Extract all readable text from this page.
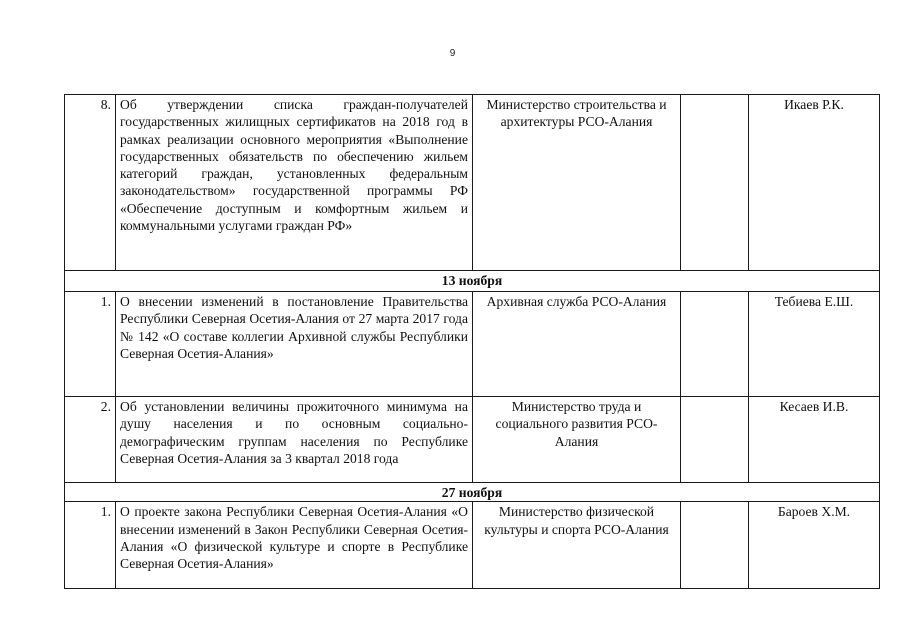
9
8.	Об утверждении списка граждан-получателей государственных жилищных сертификатов на 2018 год в рамках реализации основного мероприятия «Выполнение государственных обязательств по обеспечению жильем категорий граждан, установленных федеральным законодательством» государственной программы РФ «Обеспечение доступным и комфортным жильем и коммунальными услугами граждан РФ»	Министерство строительства и архитектуры РСО-Алания		Икаев Р.К.
13 ноября				
1.	О внесении изменений в постановление Правительства Республики Северная Осетия-Алания от 27 марта 2017 года № 142 «О составе коллегии Архивной службы Республики Северная Осетия-Алания»	Архивная служба РСО-Алания		Тебиева Е.Ш.
2.	Об установлении величины прожиточного минимума на душу населения и по основным социально-демографическим группам населения по Республике Северная Осетия-Алания за 3 квартал 2018 года	Министерство труда и социального развития РСО-Алания		Кесаев И.В.
27 ноября				
1.	О проекте закона Республики Северная Осетия-Алания «О внесении изменений в Закон Республики Северная Осетия-Алания «О физической культуре и спорте в Республике Северная Осетия-Алания»	Министерство физической культуры и спорта РСО-Алания		Бароев Х.М.
